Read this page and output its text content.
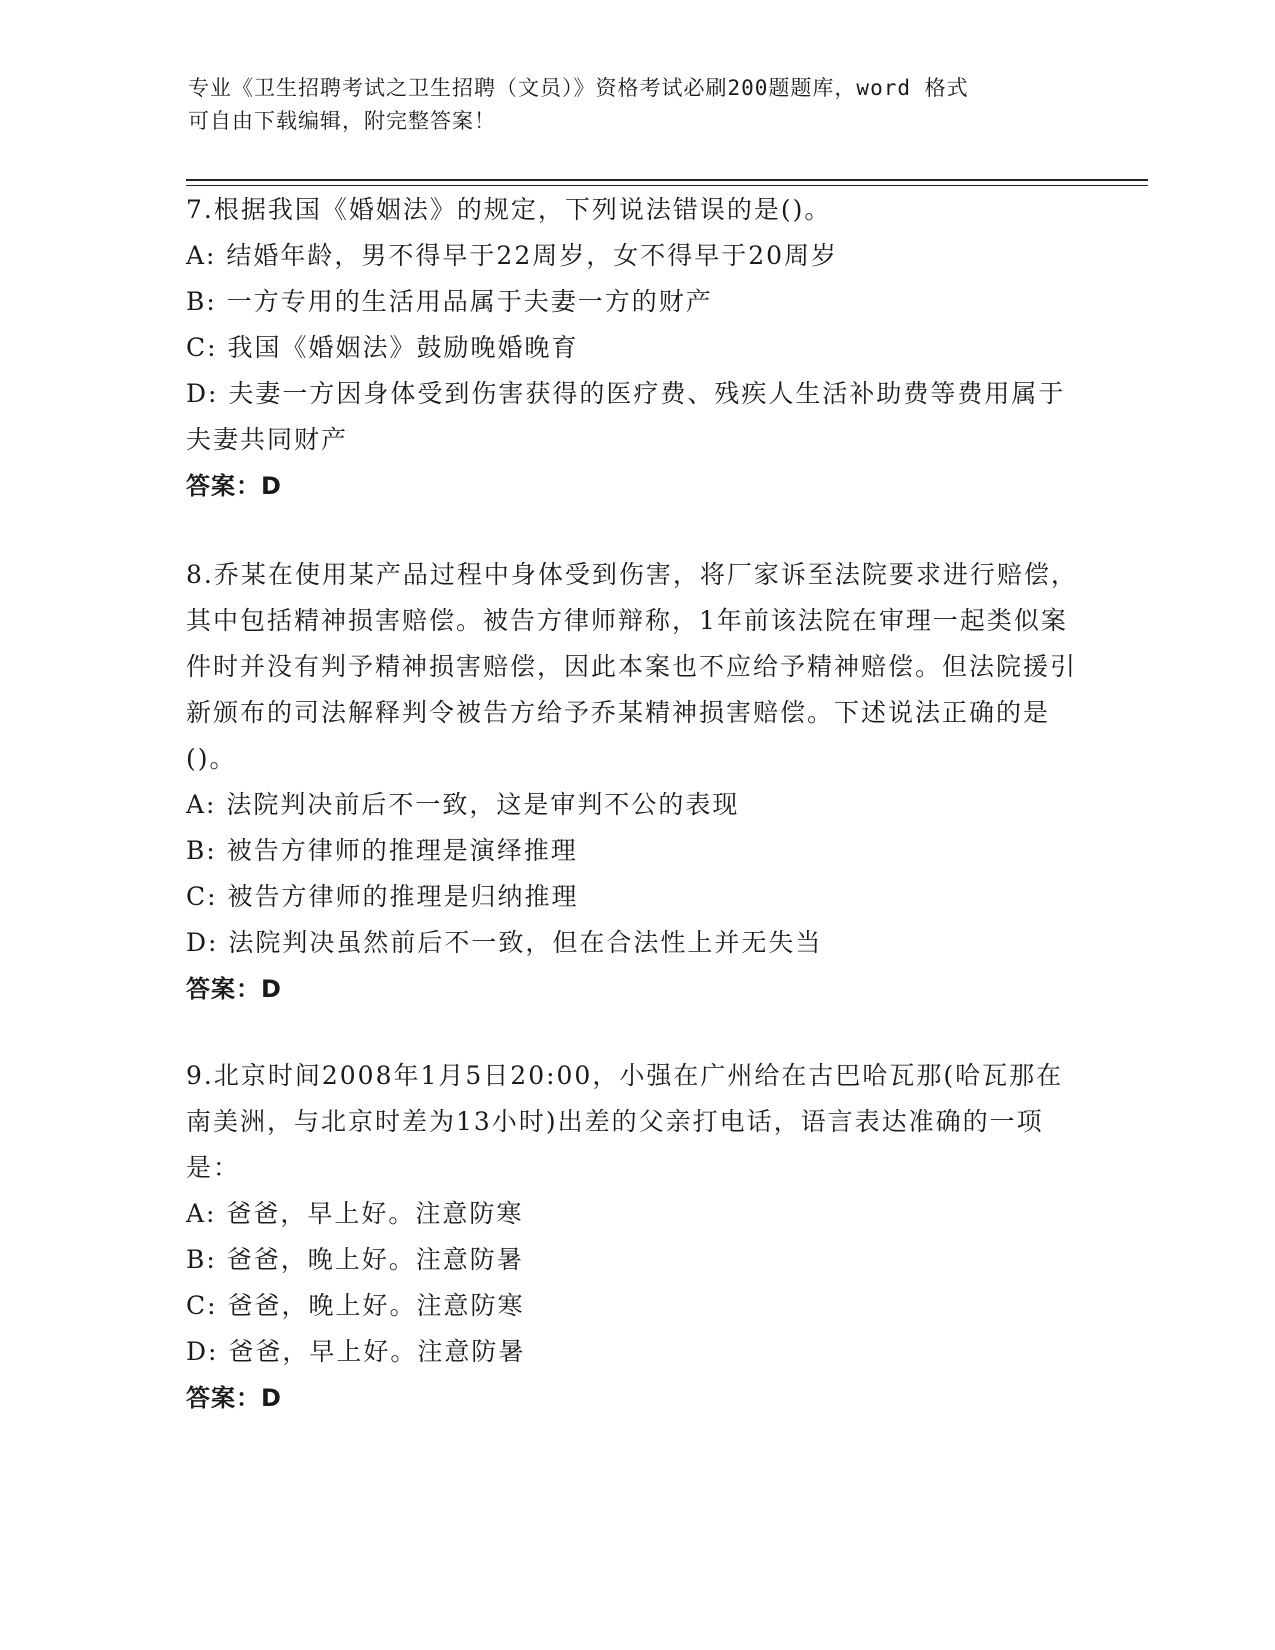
专业《卫生招聘考试之卫生招聘（文员）》资格考试必刷200题题库，word 格式
可自由下载编辑，附完整答案！

7.根据我国《婚姻法》的规定，下列说法错误的是()。

A: 结婚年龄，男不得早于22周岁，女不得早于20周岁

B: 一方专用的生活用品属于夫妻一方的财产

C: 我国《婚姻法》鼓励晚婚晚育

D: 夫妻一方因身体受到伤害获得的医疗费、残疾人生活补助费等费用属于夫妻共同财产

答案：D

8.乔某在使用某产品过程中身体受到伤害，将厂家诉至法院要求进行赔偿，其中包括精神损害赔偿。被告方律师辩称，1年前该法院在审理一起类似案件时并没有判予精神损害赔偿，因此本案也不应给予精神赔偿。但法院援引新颁布的司法解释判令被告方给予乔某精神损害赔偿。下述说法正确的是()。

A: 法院判决前后不一致，这是审判不公的表现

B: 被告方律师的推理是演绎推理

C: 被告方律师的推理是归纳推理

D: 法院判决虽然前后不一致，但在合法性上并无失当

答案：D

9.北京时间2008年1月5日20:00，小强在广州给在古巴哈瓦那(哈瓦那在南美洲，与北京时差为13小时)出差的父亲打电话，语言表达准确的一项是：

A: 爸爸，早上好。注意防寒

B: 爸爸，晚上好。注意防暑

C: 爸爸，晚上好。注意防寒

D: 爸爸，早上好。注意防暑

答案：D
